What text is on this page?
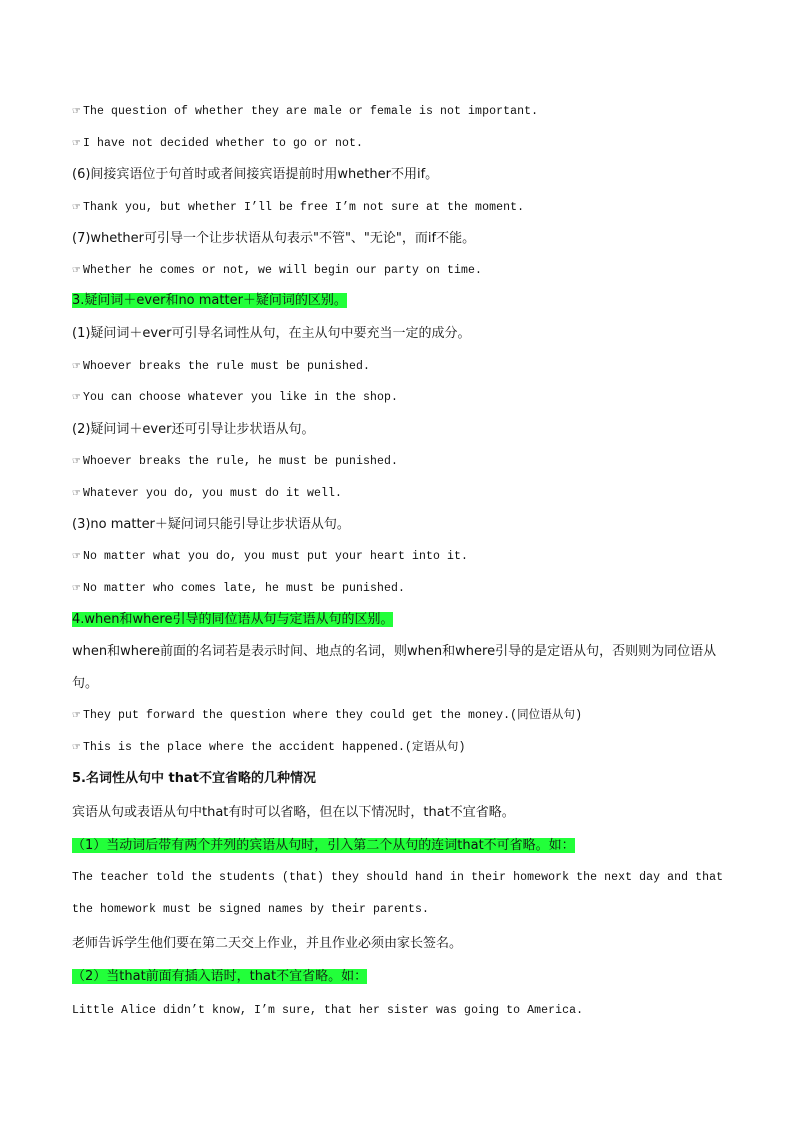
☞ The question of whether they are male or female is not important.
☞ I have not decided whether to go or not.
(6)间接宾语位于句首时或者间接宾语提前时用whether不用if。
☞ Thank you, but whether I’ll be free I’m not sure at the moment.
(7)whether可引导一个让步状语从句表示"不管"、"无论"，而if不能。
☞ Whether he comes or not, we will begin our party on time.
3.疑问词＋ever和no matter＋疑问词的区别。
(1)疑问词＋ever可引导名词性从句，在主从句中要充当一定的成分。
☞ Whoever breaks the rule must be punished.
☞ You can choose whatever you like in the shop.
(2)疑问词＋ever还可引导让步状语从句。
☞ Whoever breaks the rule, he must be punished.
☞ Whatever you do, you must do it well.
(3)no matter＋疑问词只能引导让步状语从句。
☞ No matter what you do, you must put your heart into it.
☞ No matter who comes late, he must be punished.
4.when和where引导的同位语从句与定语从句的区别。
when和where前面的名词若是表示时间、地点的名词，则when和where引导的是定语从句，否则则为同位语从句。
☞ They put forward the question where they could get the money.(同位语从句)
☞ This is the place where the accident happened.(定语从句)
5.名词性从句中 that不宜省略的几种情况
宾语从句或表语从句中that有时可以省略，但在以下情况时，that不宜省略。
（1）当动词后带有两个并列的宾语从句时，引入第二个从句的连词that不可省略。如：
The teacher told the students (that) they should hand in their homework the next day and that the homework must be signed names by their parents.
老师告诉学生他们要在第二天交上作业，并且作业必须由家长签名。
（2）当that前面有插入语时，that不宜省略。如：
Little Alice didn’t know, I’m sure, that her sister was going to America.
